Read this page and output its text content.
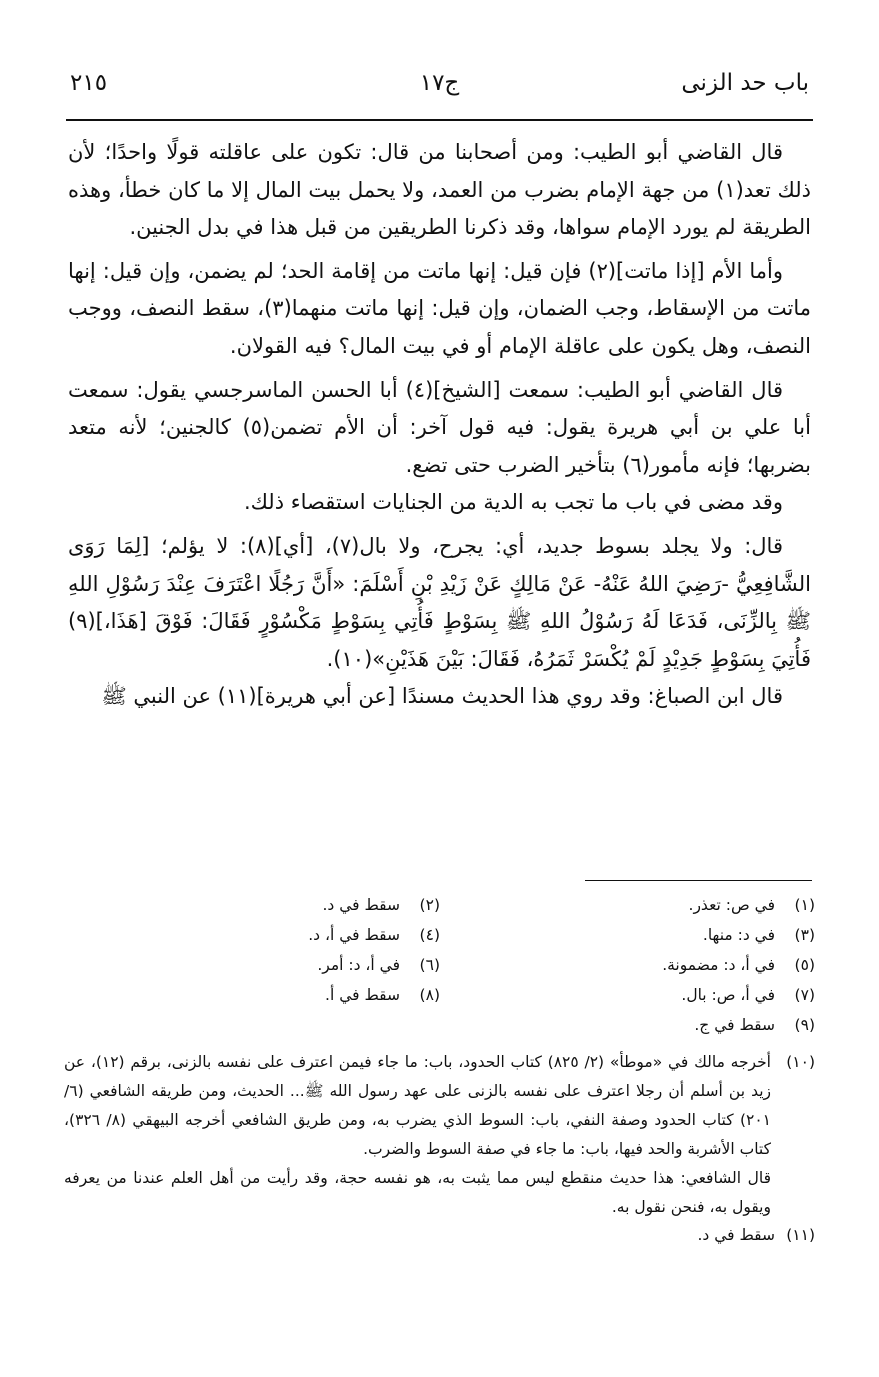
باب حد الزنى
ج١٧
٢١٥

قال القاضي أبو الطيب: ومن أصحابنا من قال: تكون على عاقلته قولًا واحدًا؛ لأن ذلك تعد(١) من جهة الإمام بضرب من العمد، ولا يحمل بيت المال إلا ما كان خطأ، وهذه الطريقة لم يورد الإمام سواها، وقد ذكرنا الطريقين من قبل هذا في بدل الجنين.

وأما الأم [إذا ماتت](٢) فإن قيل: إنها ماتت من إقامة الحد؛ لم يضمن، وإن قيل: إنها ماتت من الإسقاط، وجب الضمان، وإن قيل: إنها ماتت منهما(٣)، سقط النصف، ووجب النصف، وهل يكون على عاقلة الإمام أو في بيت المال؟ فيه القولان.

قال القاضي أبو الطيب: سمعت [الشيخ](٤) أبا الحسن الماسرجسي يقول: سمعت أبا علي بن أبي هريرة يقول: فيه قول آخر: أن الأم تضمن(٥) كالجنين؛ لأنه متعد بضربها؛ فإنه مأمور(٦) بتأخير الضرب حتى تضع.

وقد مضى في باب ما تجب به الدية من الجنايات استقصاء ذلك.

قال: ولا يجلد بسوط جديد، أي: يجرح، ولا بال(٧)، [أي](٨): لا يؤلم؛ [لِمَا رَوَى الشَّافِعِيُّ -رَضِيَ اللهُ عَنْهُ- عَنْ مَالِكٍ عَنْ زَيْدِ بْنِ أَسْلَمَ: «أَنَّ رَجُلًا اعْتَرَفَ عِنْدَ رَسُوْلِ اللهِ ﷺ بِالزِّنَى، فَدَعَا لَهُ رَسُوْلُ اللهِ ﷺ بِسَوْطٍ فَأُتِي بِسَوْطٍ مَكْسُوْرٍ فَقَالَ: فَوْقَ [هَذَا،](٩) فَأُتِيَ بِسَوْطٍ جَدِيْدٍ لَمْ يُكْسَرْ ثَمَرُهُ، فَقَالَ: بَيْنَ هَذَيْنِ»(١٠).

قال ابن الصباغ: وقد روي هذا الحديث مسندًا [عن أبي هريرة](١١) عن النبي ﷺ

(١)في ص: تعذر.
(٢)سقط في د.
(٣)في د: منها.
(٤)سقط في أ، د.
(٥)في أ، د: مضمونة.
(٦)في أ، د: أمر.
(٧)في أ، ص: بال.
(٨)سقط في أ.
(٩)سقط في ج.
(١٠)

أخرجه مالك في «موطأ» (٢/ ٨٢٥) كتاب الحدود، باب: ما جاء فيمن اعترف على نفسه بالزنى، برقم (١٢)، عن زيد بن أسلم أن رجلا اعترف على نفسه بالزنى على عهد رسول الله ﷺ... الحديث، ومن طريقه الشافعي (٦/ ٢٠١) كتاب الحدود وصفة النفي، باب: السوط الذي يضرب به، ومن طريق الشافعي أخرجه البيهقي (٨/ ٣٢٦)، كتاب الأشربة والحد فيها، باب: ما جاء في صفة السوط والضرب.

قال الشافعي: هذا حديث منقطع ليس مما يثبت به، هو نفسه حجة، وقد رأيت من أهل العلم عندنا من يعرفه ويقول به، فنحن نقول به.

(١١)سقط في د.
